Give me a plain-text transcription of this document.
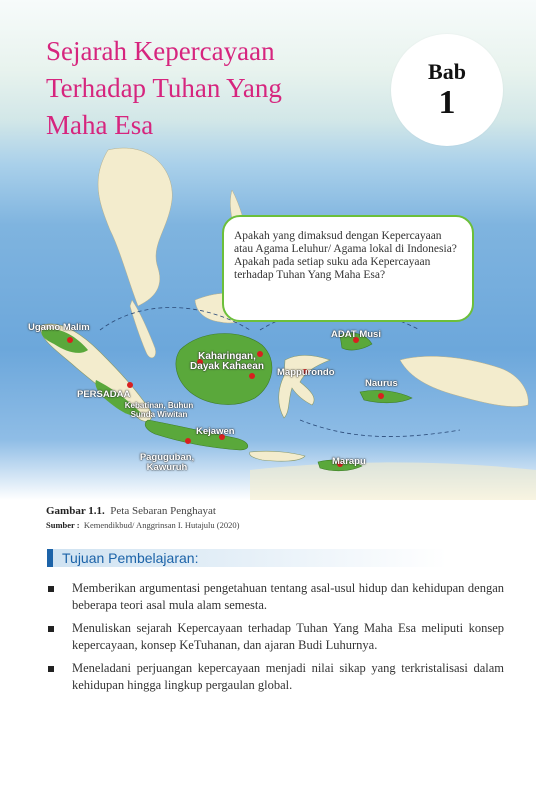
Sejarah Kepercayaan
Terhadap Tuhan Yang
Maha Esa
Bab
1
Apakah yang dimaksud dengan Kepercayaan atau Agama Leluhur/ Agama lokal di Indonesia? Apakah pada setiap suku ada Kepercayaan terhadap Tuhan Yang Maha Esa?
Ugamo Malim
PERSADAA
Kebatinan, Buhun Sunda Wiwitan
Kejawen
Paguguban, Kawuruh
Kaharingan, Dayak Kahaean
Mappurondo
ADAT Musi
Naurus
Marapu
Gambar 1.1. Peta Sebaran Penghayat
Sumber : Kemendikbud/ Anggrinsan I. Hutajulu (2020)
Tujuan Pembelajaran:
Memberikan argumentasi pengetahuan tentang asal-usul hidup dan kehidupan dengan beberapa teori asal mula alam semesta.
Menuliskan sejarah Kepercayaan terhadap Tuhan Yang Maha Esa meliputi konsep kepercayaan, konsep KeTuhanan, dan ajaran Budi Luhurnya.
Meneladani perjuangan kepercayaan menjadi nilai sikap yang terkristalisasi dalam kehidupan hingga lingkup pergaulan global.
